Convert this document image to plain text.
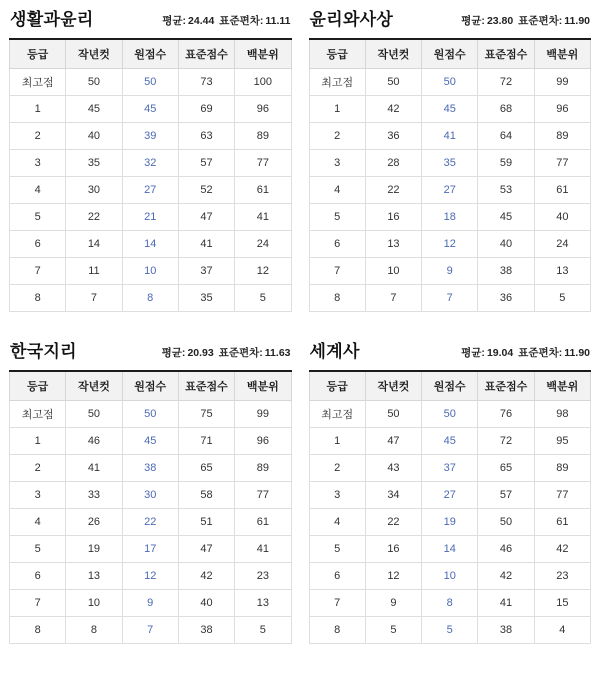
생활과윤리	평균: 24.44 표준편차: 11.11

등급	작년컷	원점수	표준점수	백분위
최고점	50	50	73	100
1	45	45	69	96
2	40	39	63	89
3	35	32	57	77
4	30	27	52	61
5	22	21	47	41
6	14	14	41	24
7	11	10	37	12
8	7	8	35	5
윤리와사상	평균: 23.80 표준편차: 11.90

등급	작년컷	원점수	표준점수	백분위
최고점	50	50	72	99
1	42	45	68	96
2	36	41	64	89
3	28	35	59	77
4	22	27	53	61
5	16	18	45	40
6	13	12	40	24
7	10	9	38	13
8	7	7	36	5
한국지리	평균: 20.93 표준편차: 11.63

등급	작년컷	원점수	표준점수	백분위
최고점	50	50	75	99
1	46	45	71	96
2	41	38	65	89
3	33	30	58	77
4	26	22	51	61
5	19	17	47	41
6	13	12	42	23
7	10	9	40	13
8	8	7	38	5
세계사	평균: 19.04 표준편차: 11.90

등급	작년컷	원점수	표준점수	백분위
최고점	50	50	76	98
1	47	45	72	95
2	43	37	65	89
3	34	27	57	77
4	22	19	50	61
5	16	14	46	42
6	12	10	42	23
7	9	8	41	15
8	5	5	38	4
